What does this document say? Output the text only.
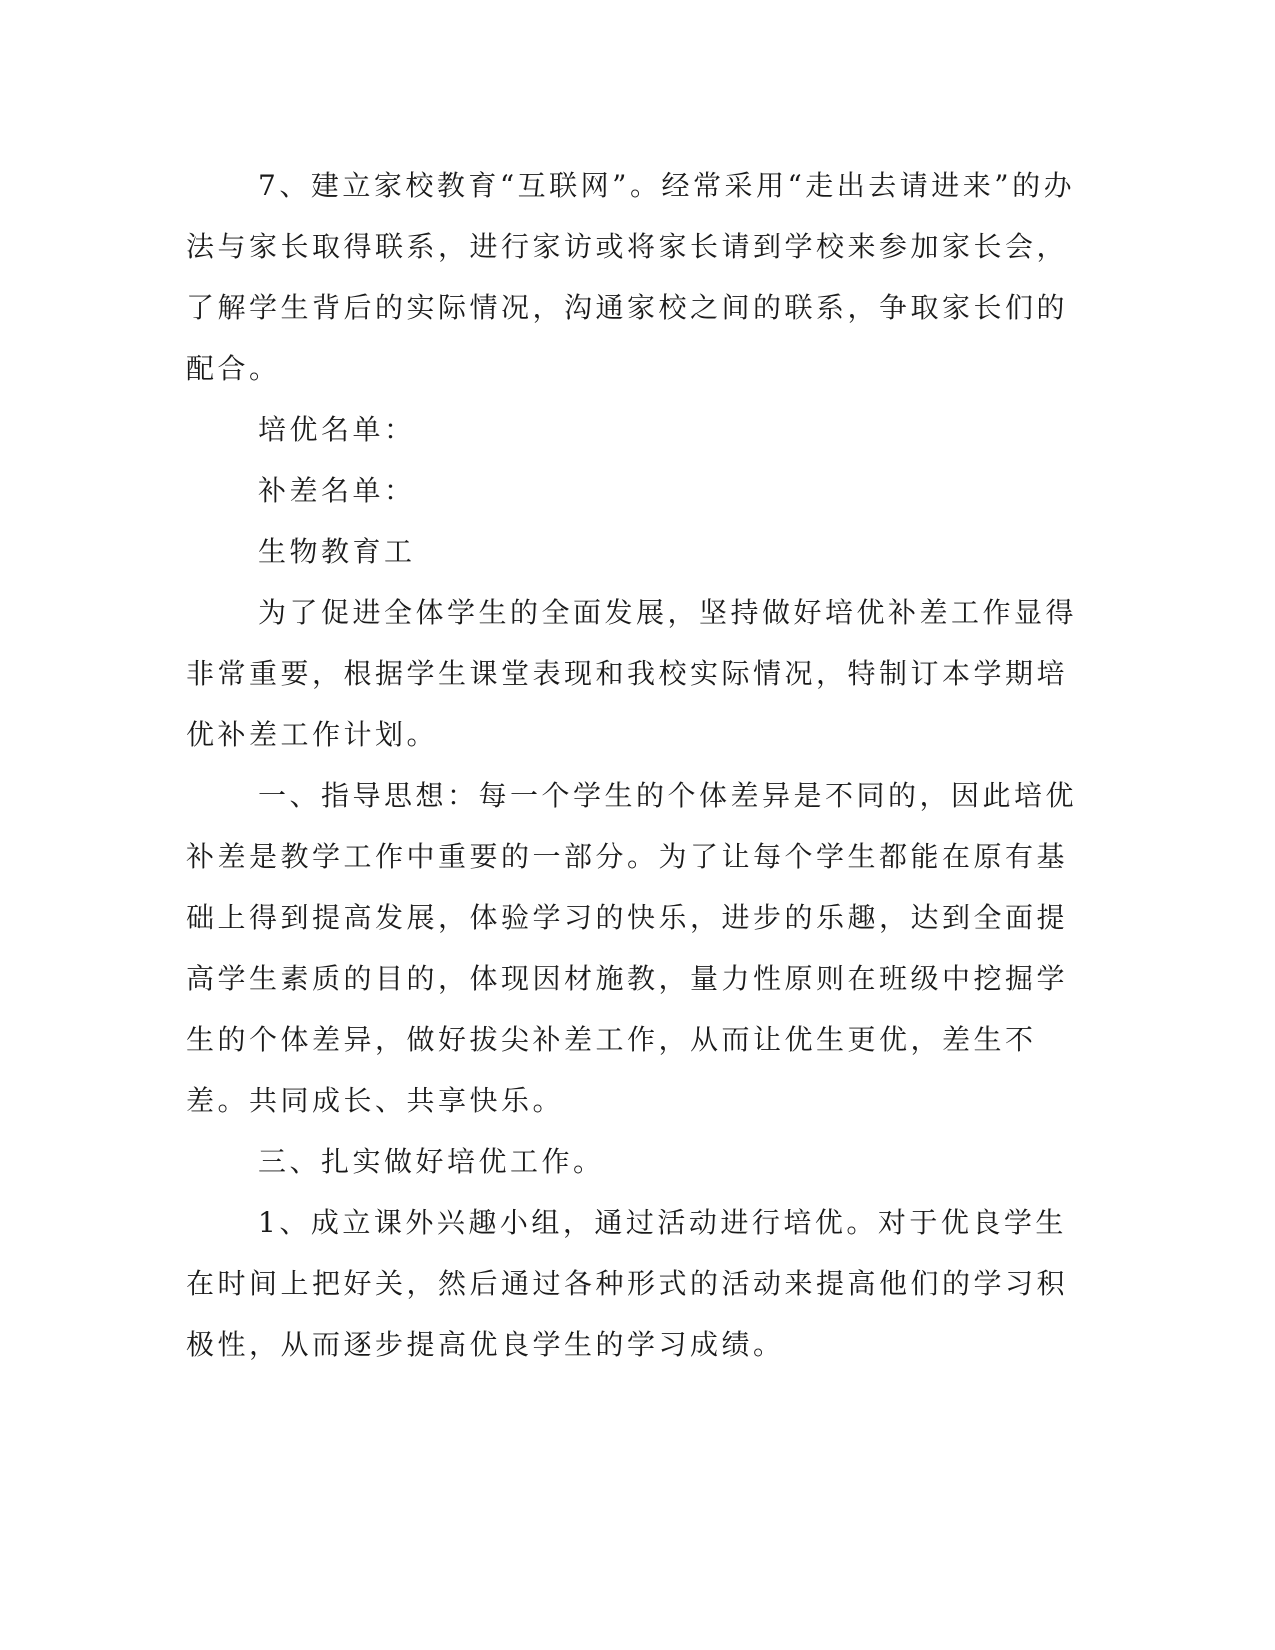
7、建立家校教育“互联网”。经常采用“走出去请进来”的办法与家长取得联系，进行家访或将家长请到学校来参加家长会，了解学生背后的实际情况，沟通家校之间的联系，争取家长们的配合。

培优名单：

补差名单：

生物教育工

为了促进全体学生的全面发展，坚持做好培优补差工作显得非常重要，根据学生课堂表现和我校实际情况，特制订本学期培优补差工作计划。

一、指导思想：每一个学生的个体差异是不同的，因此培优补差是教学工作中重要的一部分。为了让每个学生都能在原有基础上得到提高发展，体验学习的快乐，进步的乐趣，达到全面提高学生素质的目的，体现因材施教，量力性原则在班级中挖掘学生的个体差异，做好拔尖补差工作，从而让优生更优，差生不差。共同成长、共享快乐。

三、扎实做好培优工作。

1、成立课外兴趣小组，通过活动进行培优。对于优良学生在时间上把好关，然后通过各种形式的活动来提高他们的学习积极性，从而逐步提高优良学生的学习成绩。
